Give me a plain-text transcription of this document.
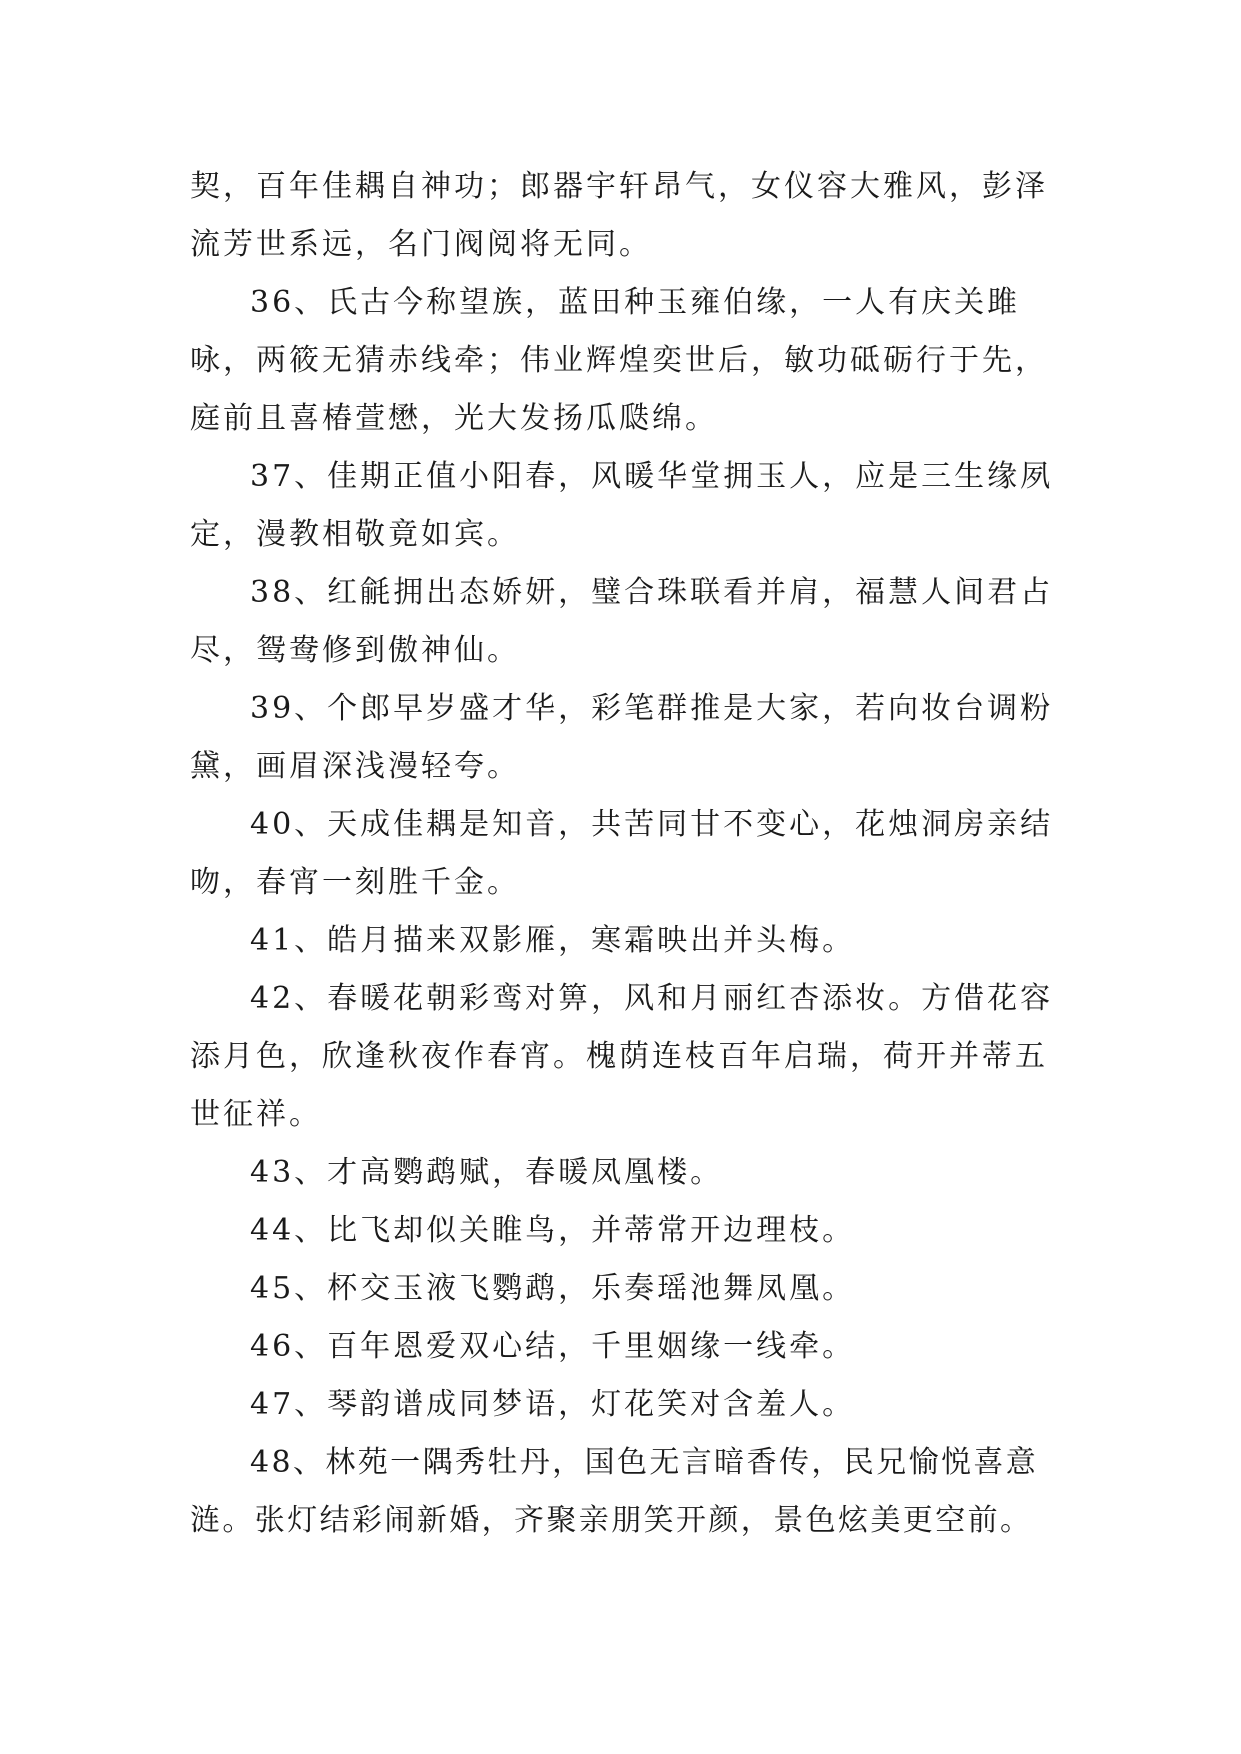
契，百年佳耦自神功；郎器宇轩昂气，女仪容大雅风，彭泽流芳世系远，名门阀阅将无同。

36、氏古今称望族，蓝田种玉雍伯缘，一人有庆关雎咏，两筱无猜赤线牵；伟业辉煌奕世后，敏功砥砺行于先，庭前且喜椿萱懋，光大发扬瓜瓞绵。

37、佳期正值小阳春，风暖华堂拥玉人，应是三生缘夙定，漫教相敬竟如宾。

38、红毹拥出态娇妍，璧合珠联看并肩，福慧人间君占尽，鸳鸯修到傲神仙。

39、个郎早岁盛才华，彩笔群推是大家，若向妆台调粉黛，画眉深浅漫轻夸。

40、天成佳耦是知音，共苦同甘不变心，花烛洞房亲结吻，春宵一刻胜千金。

41、皓月描来双影雁，寒霜映出并头梅。

42、春暖花朝彩鸾对箅，风和月丽红杏添妆。方借花容添月色，欣逢秋夜作春宵。槐荫连枝百年启瑞，荷开并蒂五世征祥。

43、才高鹦鹉赋，春暖凤凰楼。

44、比飞却似关睢鸟，并蒂常开边理枝。

45、杯交玉液飞鹦鹉，乐奏瑶池舞凤凰。

46、百年恩爱双心结，千里姻缘一线牵。

47、琴韵谱成同梦语，灯花笑对含羞人。

48、林苑一隅秀牡丹，国色无言暗香传，民兄愉悦喜意涟。张灯结彩闹新婚，齐聚亲朋笑开颜，景色炫美更空前。
